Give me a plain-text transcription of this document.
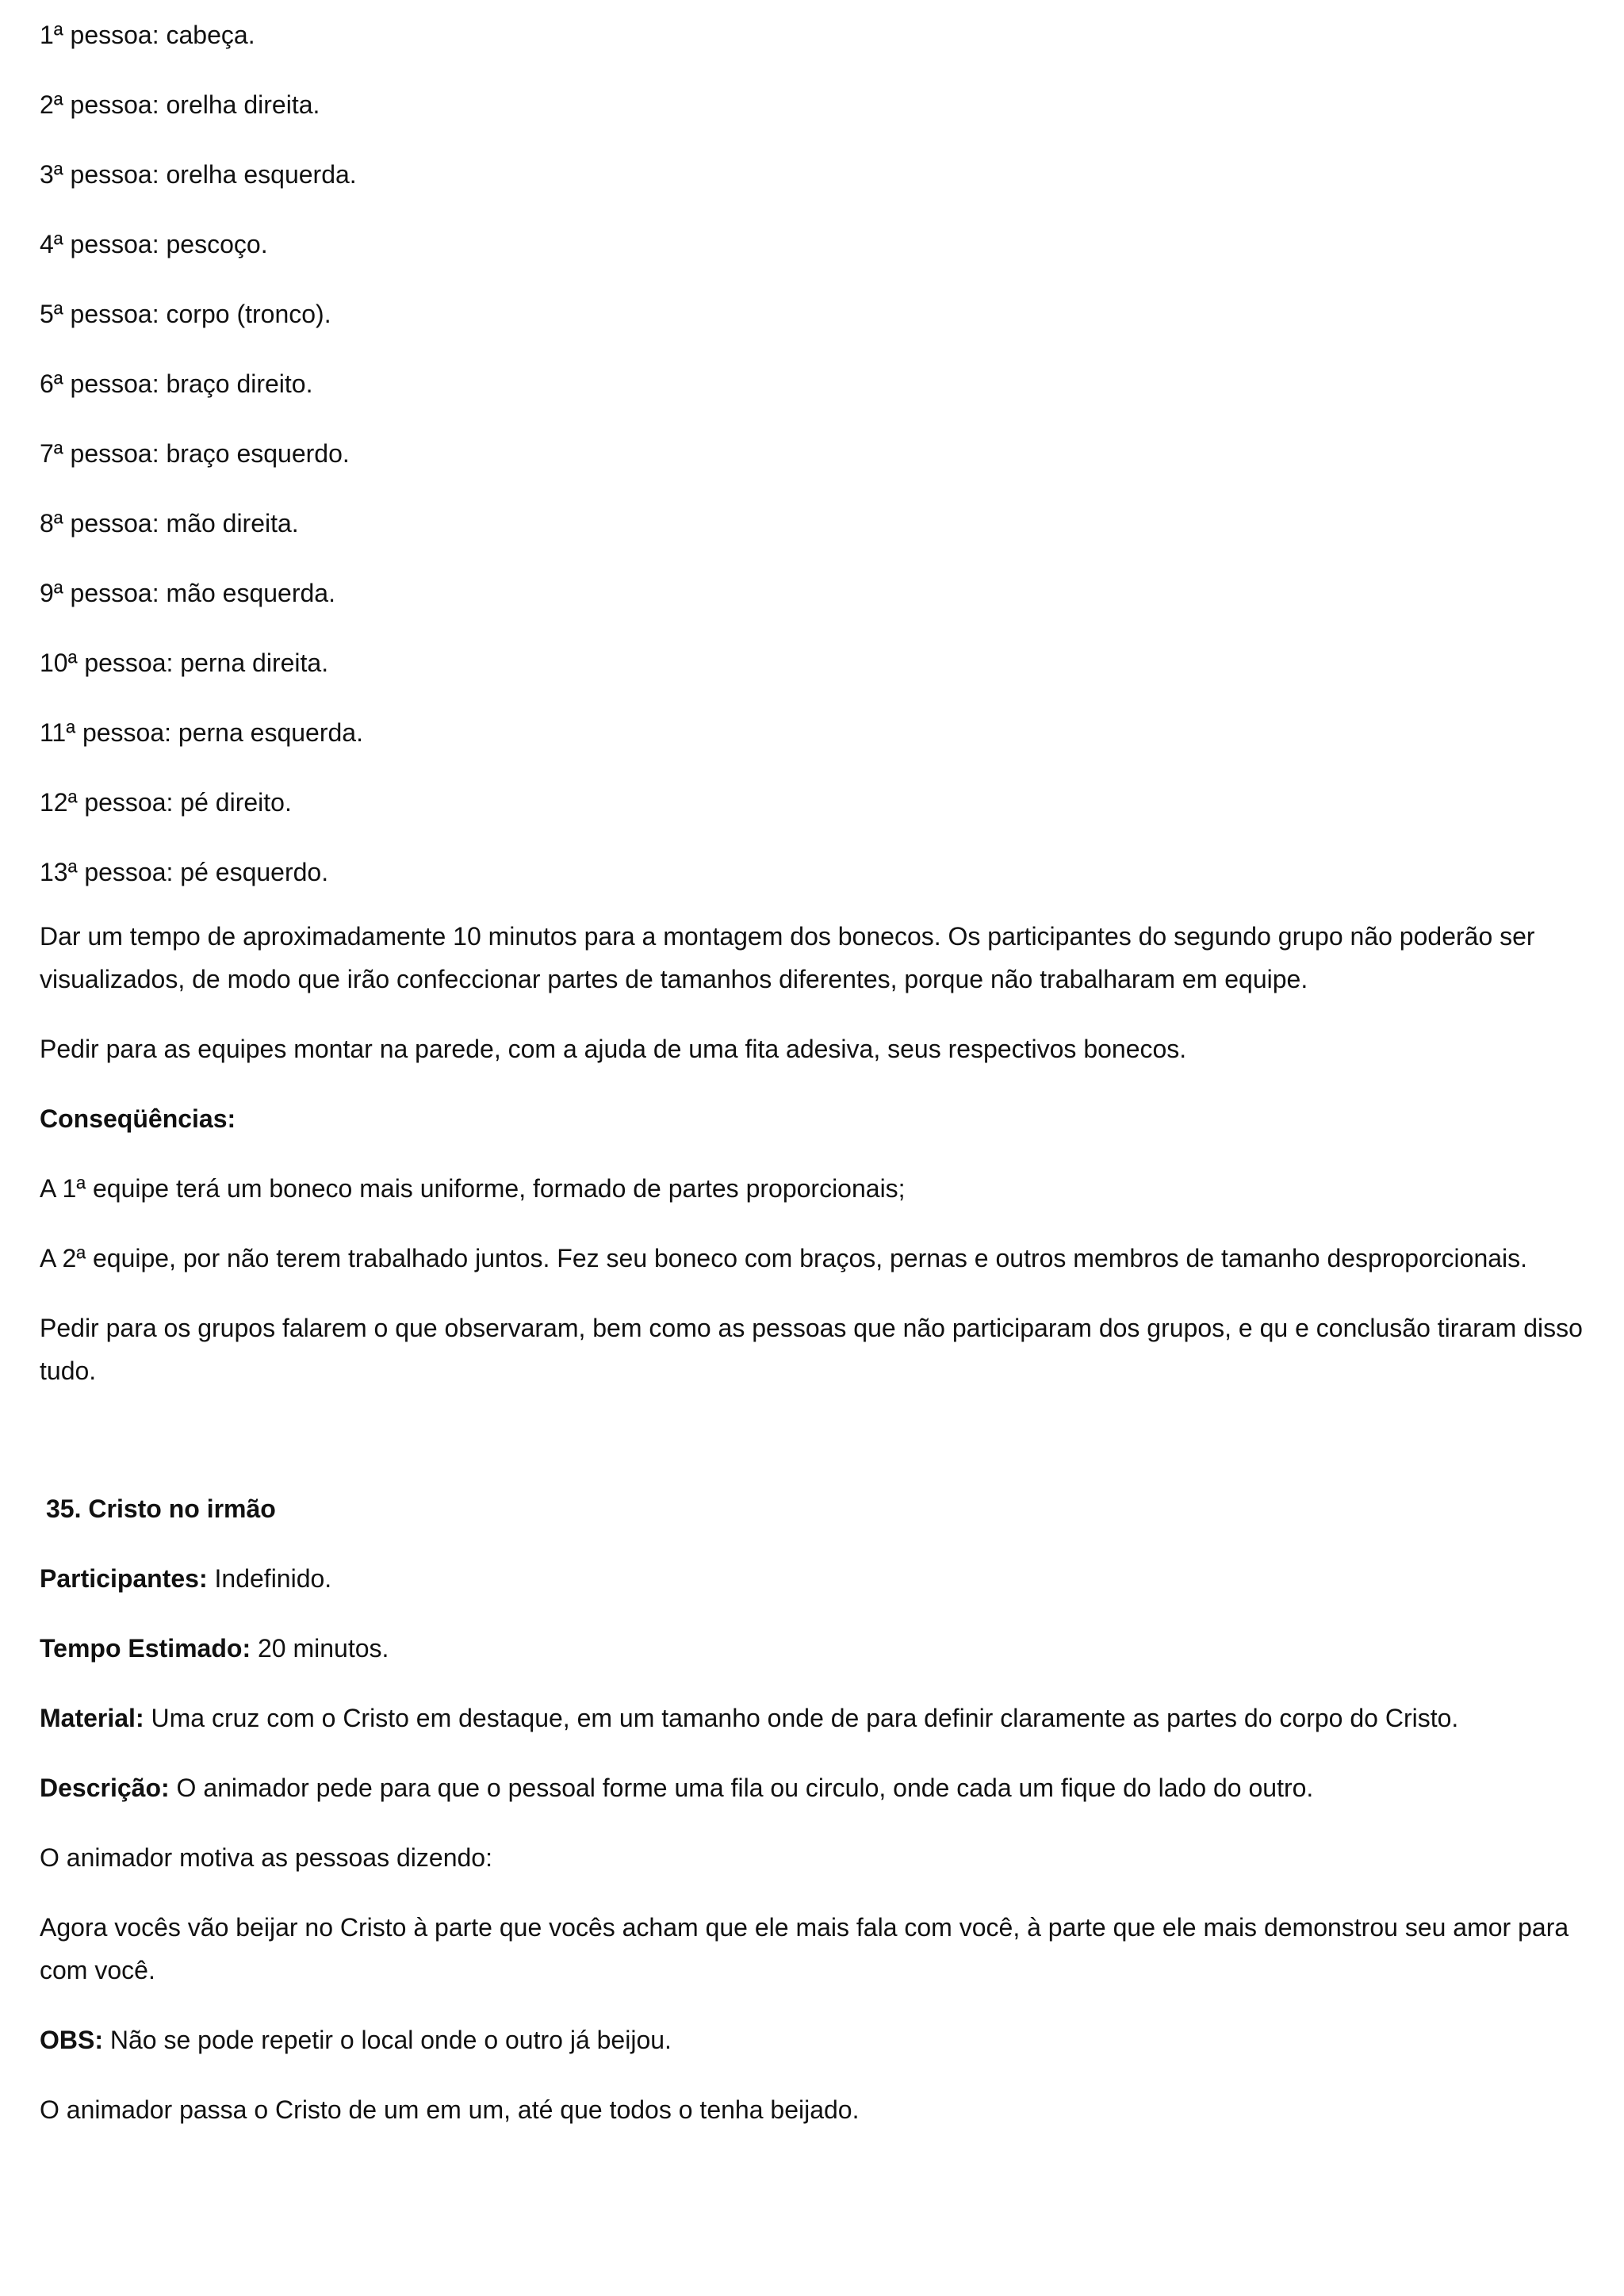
1ª pessoa: cabeça.
2ª pessoa: orelha direita.
3ª pessoa: orelha esquerda.
4ª pessoa: pescoço.
5ª pessoa: corpo (tronco).
6ª pessoa: braço direito.
7ª pessoa: braço esquerdo.
8ª pessoa: mão direita.
9ª pessoa: mão esquerda.
10ª pessoa: perna direita.
11ª pessoa: perna esquerda.
12ª pessoa: pé direito.
13ª pessoa: pé esquerdo.

Dar um tempo de aproximadamente 10 minutos para a montagem dos bonecos. Os participantes do segundo grupo não poderão ser visualizados, de modo que irão confeccionar partes de tamanhos diferentes, porque não trabalharam em equipe.

Pedir para as equipes montar na parede, com a ajuda de uma fita adesiva, seus respectivos bonecos.

Conseqüências:

A 1ª equipe terá um boneco mais uniforme, formado de partes proporcionais;

A 2ª equipe, por não terem trabalhado juntos. Fez seu boneco com braços, pernas e outros membros de tamanho desproporcionais.

Pedir para os grupos falarem o que observaram, bem como as pessoas que não participaram dos grupos, e qu e conclusão tiraram disso tudo.

35. Cristo no irmão

Participantes: Indefinido.

Tempo Estimado: 20 minutos.

Material: Uma cruz com o Cristo em destaque, em um tamanho onde de para definir claramente as partes do corpo do Cristo.

Descrição: O animador pede para que o pessoal forme uma fila ou circulo, onde cada um fique do lado do outro.

O animador motiva as pessoas dizendo:

Agora vocês vão beijar no Cristo à parte que vocês acham que ele mais fala com você, à parte que ele mais demonstrou seu amor para com você.

OBS: Não se pode repetir o local onde o outro já beijou.

O animador passa o Cristo de um em um, até que todos o tenha beijado.
